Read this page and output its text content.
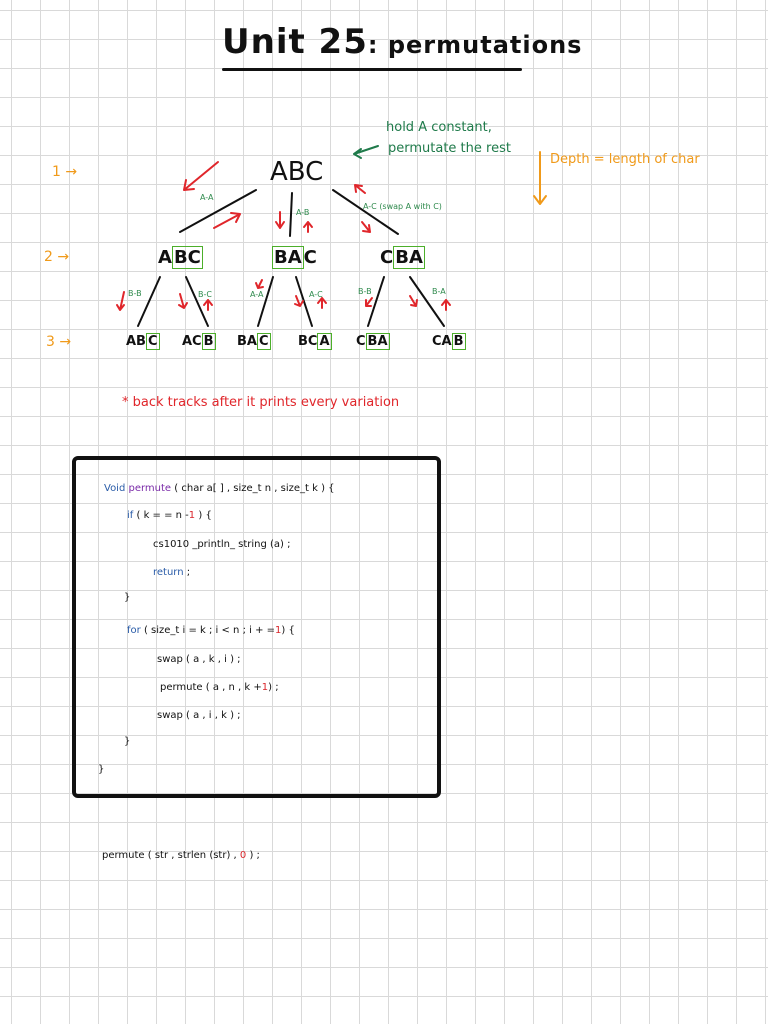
Unit 25: permutations
hold A constant,
permutate the rest
Depth = length of char
1 →
2 →
3 →
ABC
A-A
A-B
A-C (swap A with C)
A BC	BA C	C BA
B-B	B-C	A-A	A-C	B-B	B-A
AB C AC B BA C BC A C BA	CA B
* back tracks after it prints every variation
Void permute ( char a[ ] , size_t n , size_t k ) {
if ( k = = n -1 ) {
cs1010 _println_ string (a) ;
return ;
}
for ( size_t i = k ; i < n ; i + =1) {
swap ( a , k , i ) ;
permute ( a , n , k +1) ;
swap ( a , i , k ) ;
}
}
permute ( str , strlen (str) , 0 ) ;
